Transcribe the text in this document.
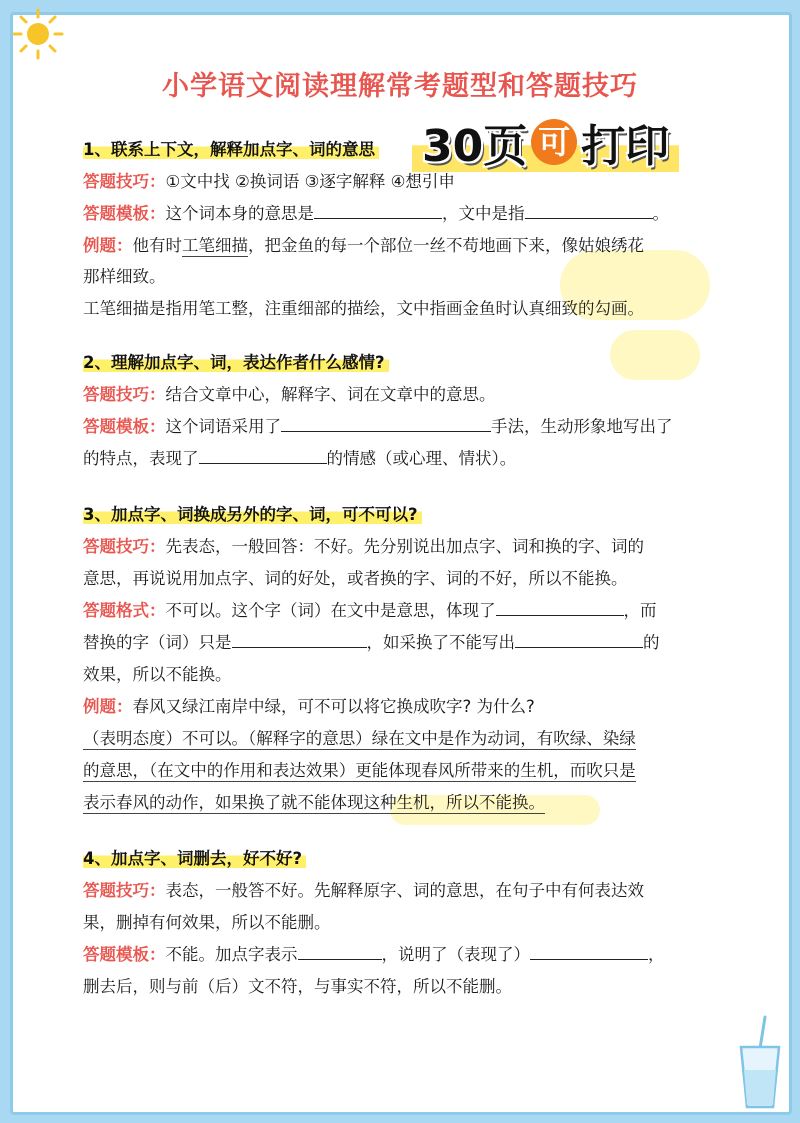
小学语文阅读理解常考题型和答题技巧
30页 可 打印
1、联系上下文，解释加点字、词的意思
答题技巧：①文中找 ②换词语 ③逐字解释 ④想引申
答题模板：这个词本身的意思是	，文中是指	。
例题：他有时工笔细描，把金鱼的每一个部位一丝不苟地画下来，像姑娘绣花
那样细致。
工笔细描是指用笔工整，注重细部的描绘，文中指画金鱼时认真细致的勾画。
2、理解加点字、词，表达作者什么感情?
答题技巧：结合文章中心，解释字、词在文章中的意思。
答题模板：这个词语采用了	手法，生动形象地写出了
的特点，表现了	的情感（或心理、情状）。
3、加点字、词换成另外的字、词，可不可以?
答题技巧：先表态，一般回答：不好。先分别说出加点字、词和换的字、词的
意思，再说说用加点字、词的好处，或者换的字、词的不好，所以不能换。
答题格式：不可以。这个字（词）在文中是意思，体现了	，而
替换的字（词）只是	，如采换了不能写出	的
效果，所以不能换。
例题：春风又绿江南岸中绿，可不可以将它换成吹字? 为什么?
（表明态度）不可以。（解释字的意思）绿在文中是作为动词，有吹绿、染绿
的意思，（在文中的作用和表达效果）更能体现春风所带来的生机，而吹只是
表示春风的动作，如果换了就不能体现这种生机，所以不能换。
4、加点字、词删去，好不好?
答题技巧：表态，一般答不好。先解释原字、词的意思，在句子中有何表达效
果，删掉有何效果，所以不能删。
答题模板：不能。加点字表示	，说明了（表现了）	，
删去后，则与前（后）文不符，与事实不符，所以不能删。
